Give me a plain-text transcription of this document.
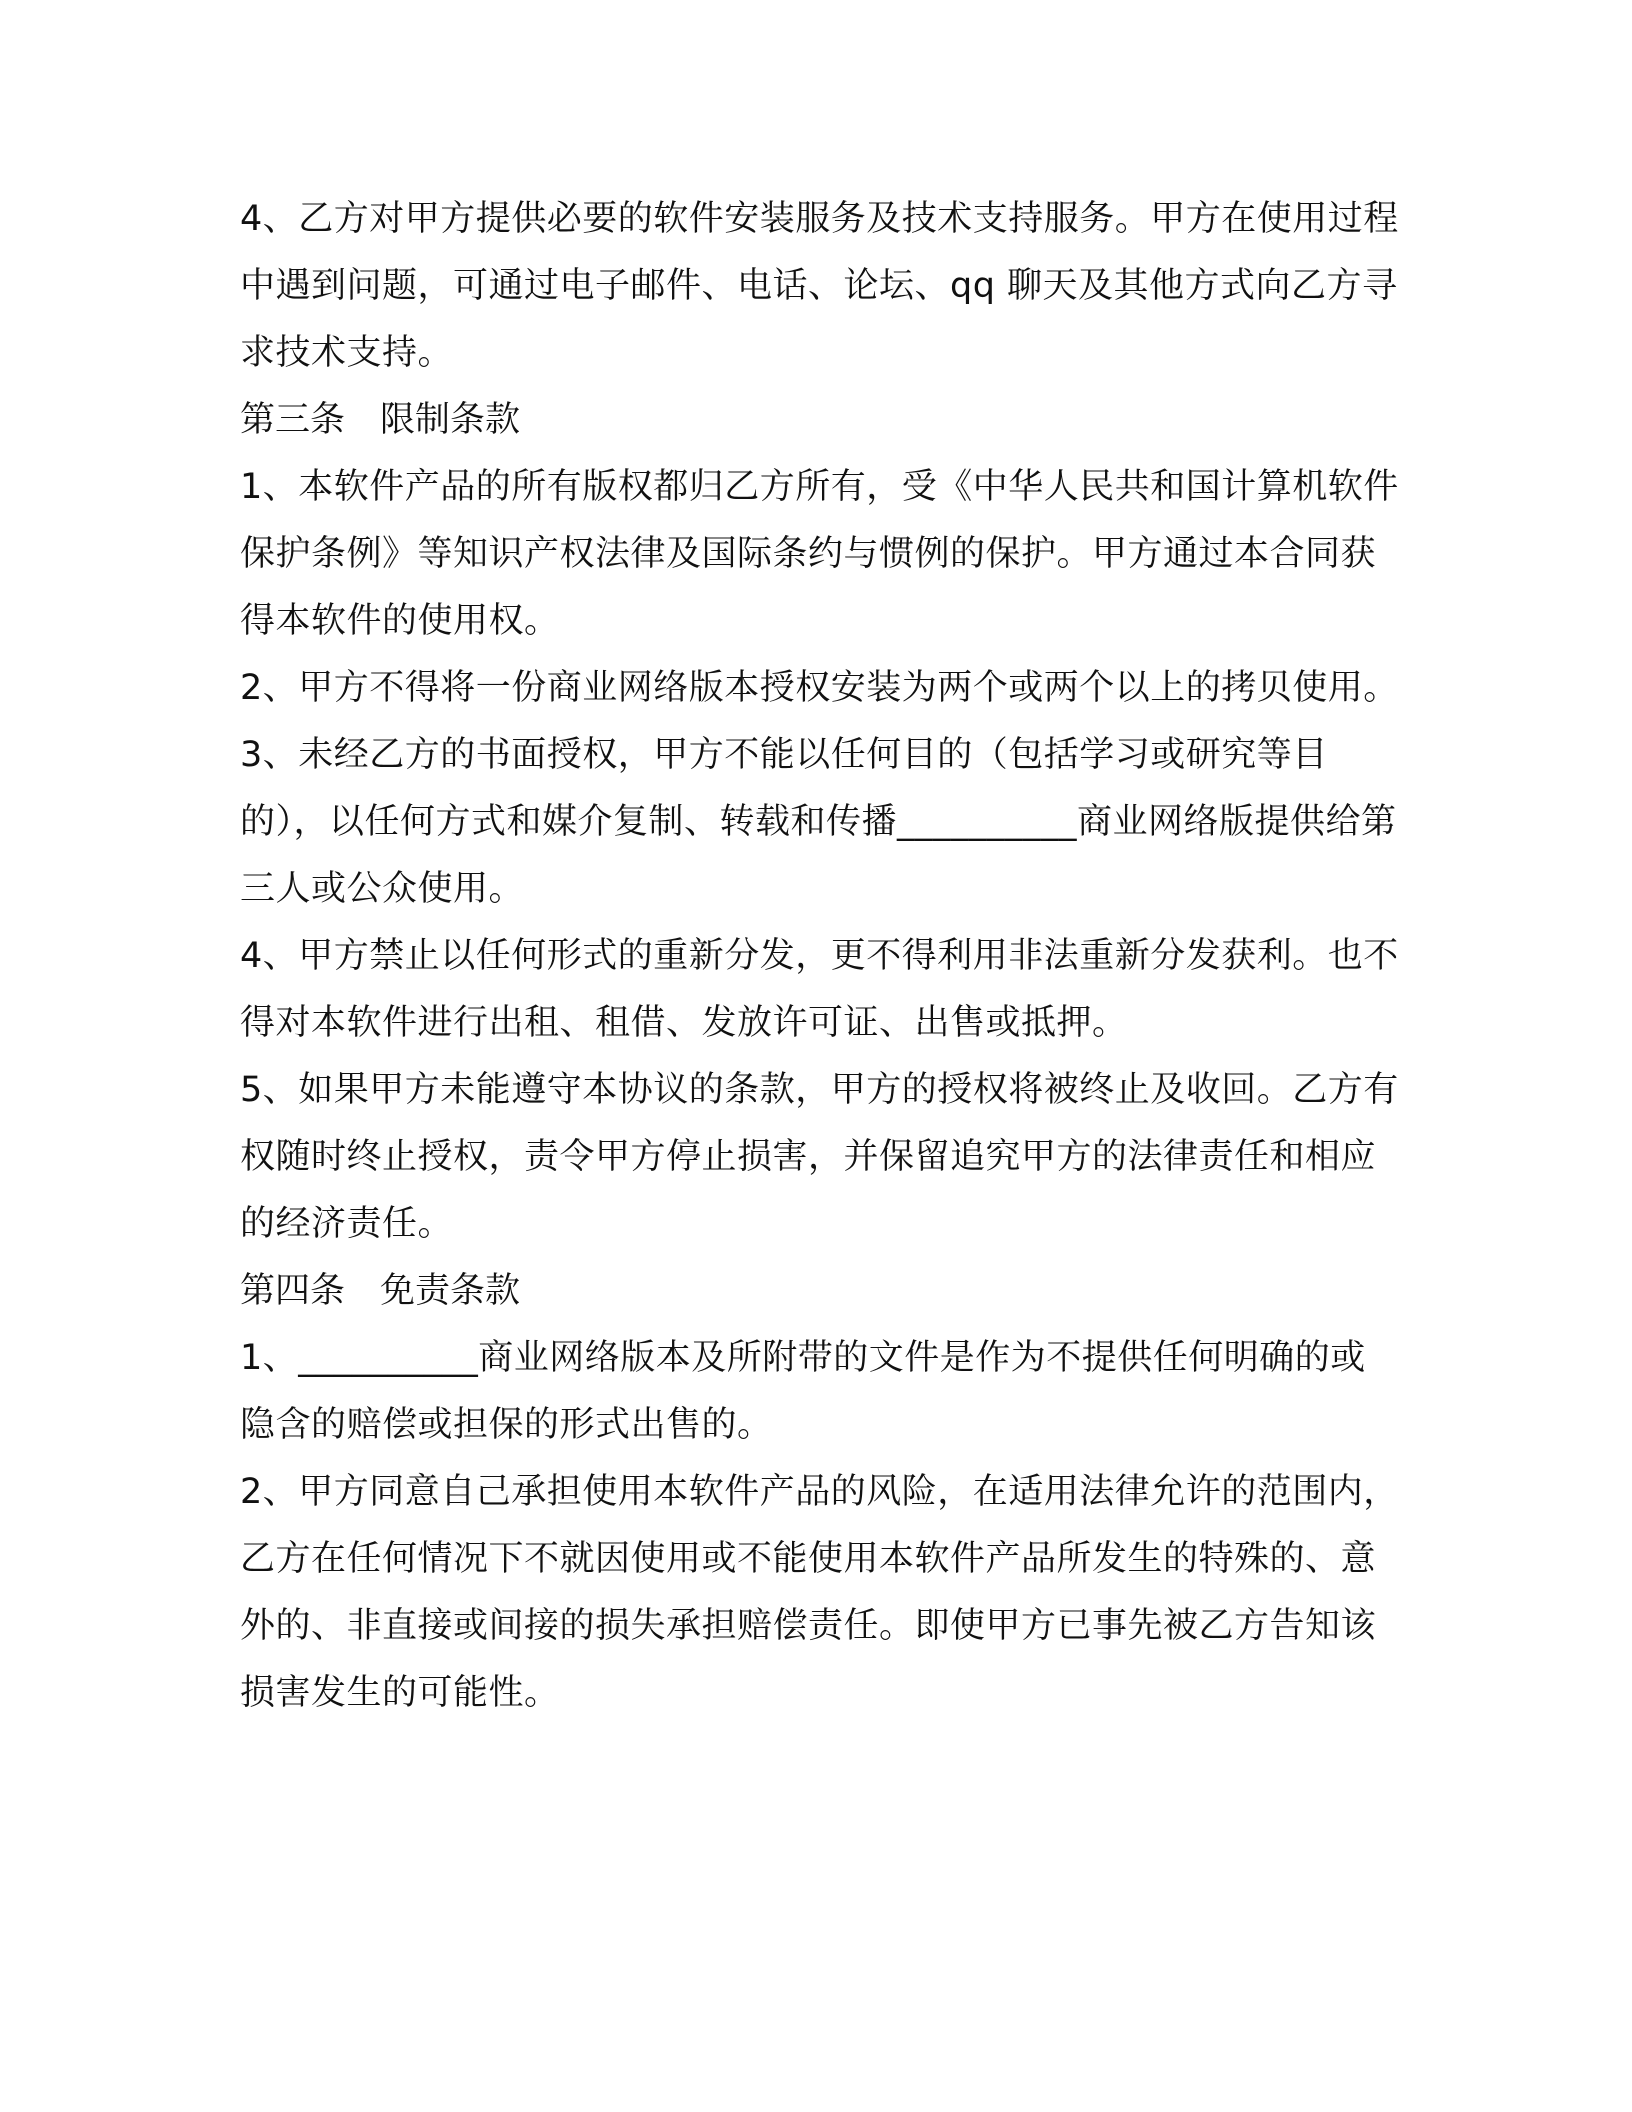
4、乙方对甲方提供必要的软件安装服务及技术支持服务。甲方在使用过程中遇到问题，可通过电子邮件、电话、论坛、qq 聊天及其他方式向乙方寻求技术支持。

第三条　限制条款

1、本软件产品的所有版权都归乙方所有，受《中华人民共和国计算机软件保护条例》等知识产权法律及国际条约与惯例的保护。甲方通过本合同获得本软件的使用权。

2、甲方不得将一份商业网络版本授权安装为两个或两个以上的拷贝使用。

3、未经乙方的书面授权，甲方不能以任何目的（包括学习或研究等目的），以任何方式和媒介复制、转载和传播__________商业网络版提供给第三人或公众使用。

4、甲方禁止以任何形式的重新分发，更不得利用非法重新分发获利。也不得对本软件进行出租、租借、发放许可证、出售或抵押。

5、如果甲方未能遵守本协议的条款，甲方的授权将被终止及收回。乙方有权随时终止授权，责令甲方停止损害，并保留追究甲方的法律责任和相应的经济责任。

第四条　免责条款

1、__________商业网络版本及所附带的文件是作为不提供任何明确的或隐含的赔偿或担保的形式出售的。

2、甲方同意自己承担使用本软件产品的风险，在适用法律允许的范围内，乙方在任何情况下不就因使用或不能使用本软件产品所发生的特殊的、意外的、非直接或间接的损失承担赔偿责任。即使甲方已事先被乙方告知该损害发生的可能性。
